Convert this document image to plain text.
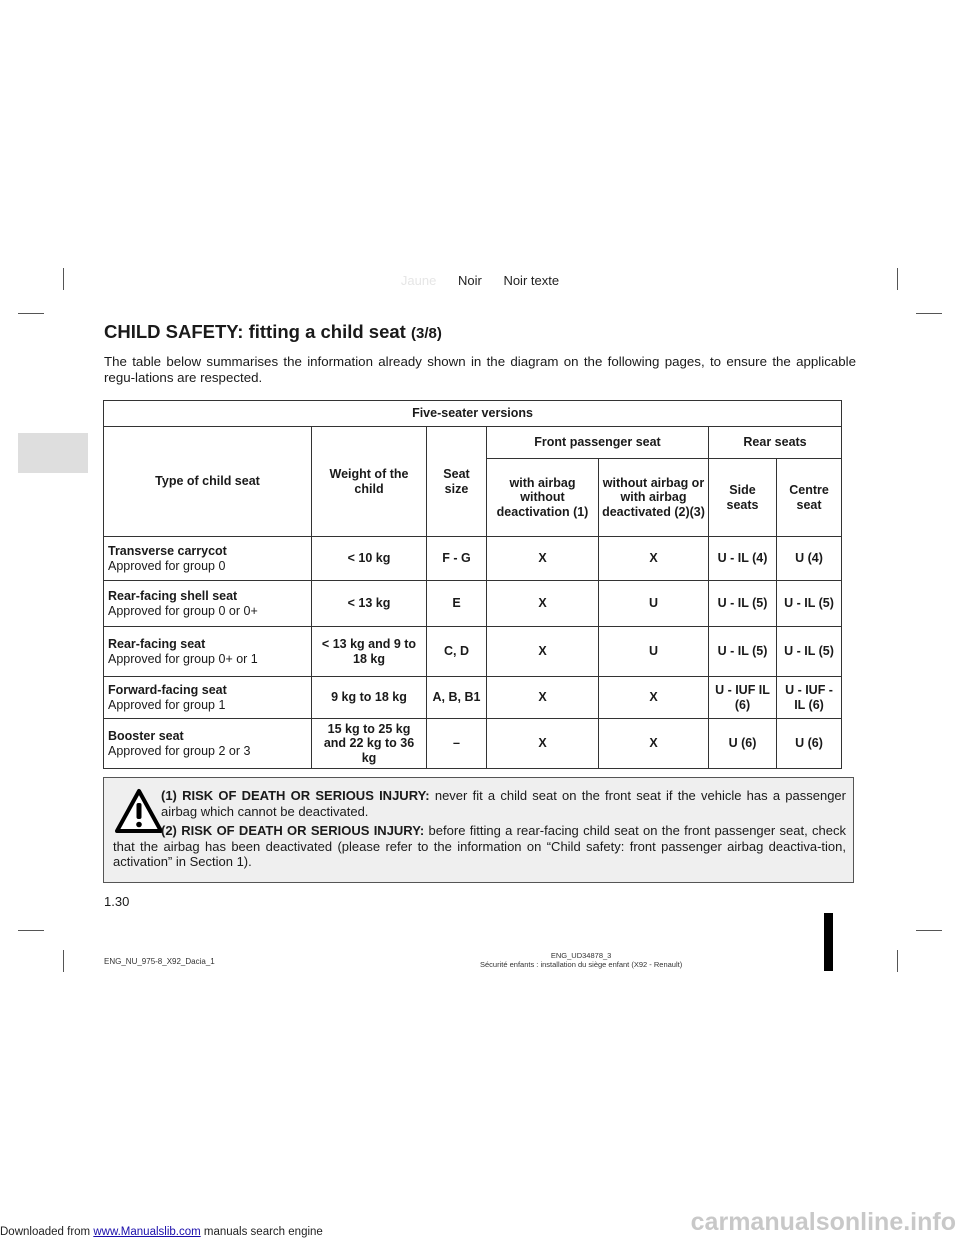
Jaune Noir Noir texte
CHILD SAFETY: fitting a child seat (3/8)
The table below summarises the information already shown in the diagram on the following pages, to ensure the applicable regu-lations are respected.
Five-seater versions						
Type of child seat	Weight of the child	Seat size	Front passenger seat		Rear seats	
			with airbag without deactivation (1)	without airbag or with airbag deactivated (2)(3)	Side seats	Centre seat
Transverse carrycot
Approved for group 0	< 10 kg	F - G	X	X	U - IL (4)	U (4)
Rear-facing shell seat
Approved for group 0 or 0+	< 13 kg	E	X	U	U - IL (5)	U - IL (5)
Rear-facing seat
Approved for group 0+ or 1	< 13 kg and 9 to 18 kg	C, D	X	U	U - IL (5)	U - IL (5)
Forward-facing seat
Approved for group 1	9 kg to 18 kg	A, B, B1	X	X	U - IUF IL (6)	U - IUF - IL (6)
Booster seat
Approved for group 2 or 3	15 kg to 25 kg and 22 kg to 36 kg	–	X	X	U (6)	U (6)
(1) RISK OF DEATH OR SERIOUS INJURY: never fit a child seat on the front seat if the vehicle has a passenger airbag which cannot be deactivated.
(2) RISK OF DEATH OR SERIOUS INJURY: before fitting a rear-facing child seat on the front passenger seat, check that the airbag has been deactivated (please refer to the information on “Child safety: front passenger airbag deactiva-tion, activation” in Section 1).
1.30
ENG_NU_975-8_X92_Dacia_1
ENG_UD34878_3
Sécurité enfants : installation du siège enfant (X92 - Renault)
Downloaded from www.Manualslib.com manuals search engine	carmanualsonline.info
